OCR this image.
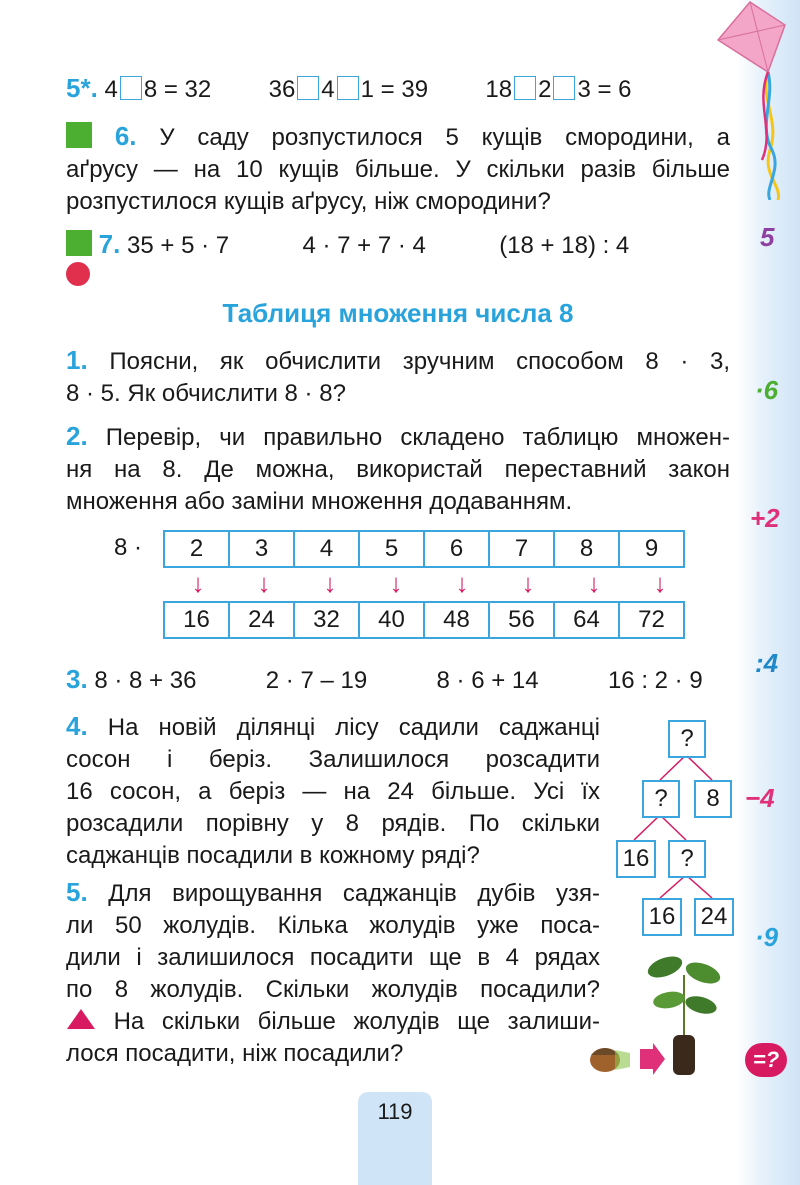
5
·6
+2
:4
−4
·9
=?
5*. 4 8 = 32 36 4 1 = 39 18 2 3 = 6
6. У саду розпустилося 5 кущів смородини, а
аґрусу — на 10 кущів більше. У скільки разів більше
розпустилося кущів аґрусу, ніж смородини?
7. 35 + 5 · 7	4 · 7 + 7 · 4	(18 + 18) : 4
Таблиця множення числа 8
1. Поясни, як обчислити зручним способом 8 · 3,
8 · 5. Як обчислити 8 · 8?
2. Перевір, чи правильно складено таблицю множен-
ня на 8. Де можна, використай переставний закон
множення або заміни множення додаванням.
8 · 2	3	4	5	6	7	8	9
↓ ↓ ↓ ↓ ↓ ↓ ↓ ↓
16	24	32	40	48	56	64	72
3. 8 · 8 + 36	2 · 7 – 19	8 · 6 + 14	16 : 2 · 9
4. На новій ділянці лісу садили саджанці
сосон і беріз. Залишилося розсадити
16 сосон, а беріз — на 24 більше. Усі їх
розсадили порівну у 8 рядів. По скільки
саджанців посадили в кожному ряді?
?
?	8
16	?
16 24
5. Для вирощування саджанців дубів узя-
ли 50 жолудів. Кілька жолудів уже поса-
дили і залишилося посадити ще в 4 рядах
по 8 жолудів. Скільки жолудів посадили?
На скільки більше жолудів ще залиши-
лося посадити, ніж посадили?
119
